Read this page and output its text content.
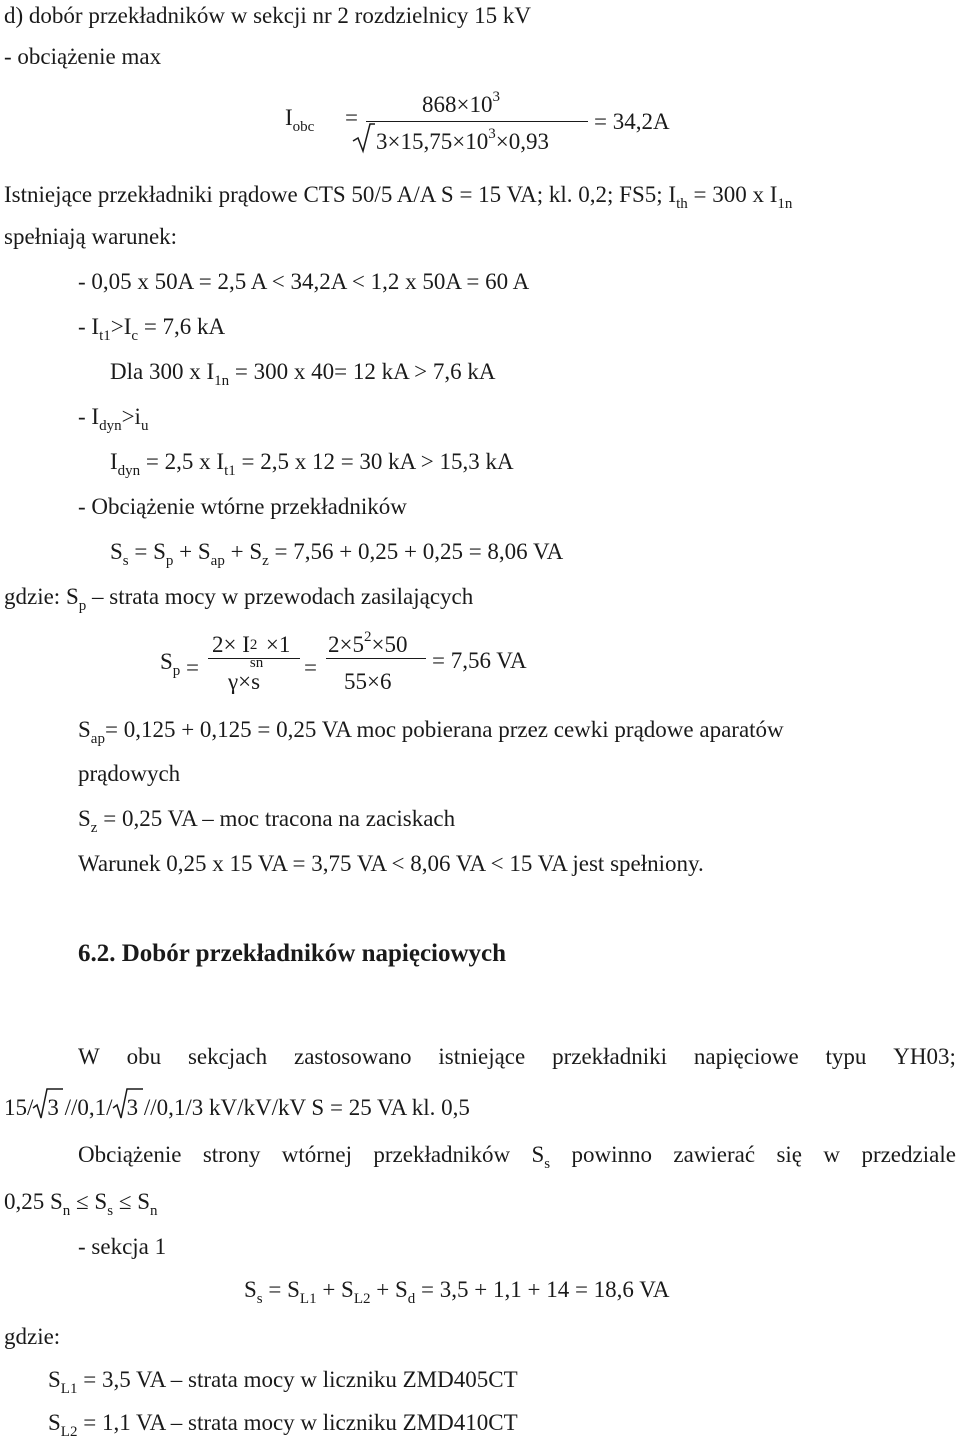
d) dobór przekładników w sekcji nr 2 rozdzielnicy 15 kV
- obciążenie max
$I_{obc}$ =
$868\times 10^3$
$3\times 15,75\times 10^3\times 0,93$
= 34,2A
Istniejące przekładniki prądowe CTS 50/5 A/A S = 15 VA; kl. 0,2; FS5; $I_{th} = 300$ x $I_{1n}$
spełniają warunek:
- 0,05 x 50A = 2,5 A < 34,2A < 1,2 x 50A = 60 A
- $I_{t1}>I_c = 7,6$ kA
Dla 300 x $I_{1n} = 300$ x 40= 12 kA > 7,6 kA
- $I_{dyn}>i_u$
$I_{dyn} = 2,5$ x $I_{t1} = 2,5$ x 12 = 30 kA > 15,3 kA
- Obciążenie wtórne przekładników
$S_s = S_p + S_{ap} + S_z = 7,56 + 0,25 + 0,25 = 8,06$ VA
gdzie: $S_p$ – strata mocy w przewodach zasilających
$S_p$ =
2× I 2
sn
×1
γ×s
=
$2\times 5^2\times 50$
55×6
= 7,56 VA
$S_{ap} = 0,125 + 0,125 = 0,25$ VA moc pobierana przez cewki prądowe aparatów
prądowych
$S_z = 0,25$ VA – moc tracona na zaciskach
Warunek 0,25 x 15 VA = 3,75 VA < 8,06 VA < 15 VA jest spełniony.
6.2. Dobór przekładników napięciowych
W obu sekcjach zastosowano istniejące przekładniki napięciowe typu YH03;
15/ 3 //0,1/ 3 //0,1/3 kV/kV/kV S = 25 VA kl. 0,5
Obciążenie strony wtórnej przekładników $S_s$ powinno zawierać się w przedziale
0,25 $S_n \le S_s \le S_n$
- sekcja 1
$S_s = S_{L1} + S_{L2} + S_d = 3,5 + 1,1 + 14 = 18,6$ VA
gdzie:
$S_{L1} = 3,5$ VA – strata mocy w liczniku ZMD405CT
$S_{L2} = 1,1$ VA – strata mocy w liczniku ZMD410CT
